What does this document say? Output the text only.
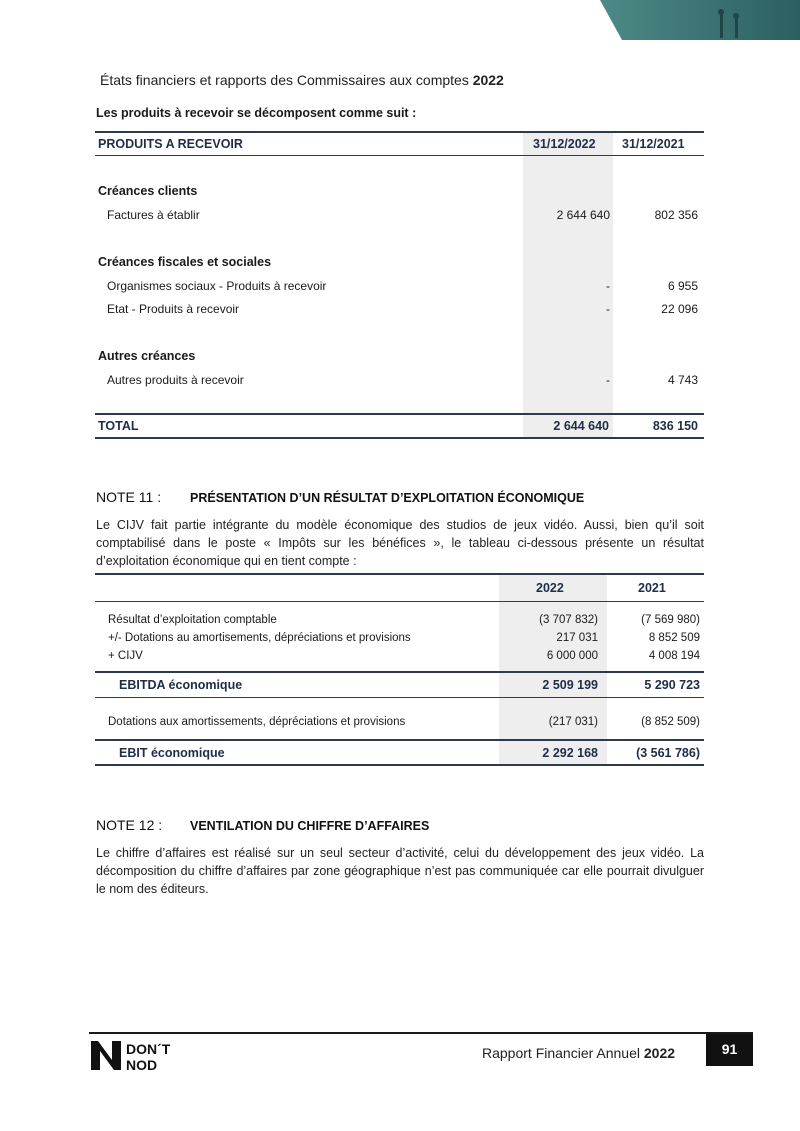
États financiers et rapports des Commissaires aux comptes 2022
Les produits à recevoir se décomposent comme suit :
PRODUITS A RECEVOIR	31/12/2022 31/12/2021
Créances clients
Factures à établir	2 644 640	802 356
Créances fiscales et sociales
Organismes sociaux - Produits à recevoir	-	6 955
Etat - Produits à recevoir	-	22 096
Autres créances
Autres produits à recevoir	-	4 743
TOTAL	2 644 640	836 150
NOTE 11 : PRÉSENTATION D’UN RÉSULTAT D’EXPLOITATION ÉCONOMIQUE
Le CIJV fait partie intégrante du modèle économique des studios de jeux vidéo. Aussi, bien qu’il soit comptabilisé dans le poste « Impôts sur les bénéfices », le tableau ci-dessous présente un résultat d’exploitation économique qui en tient compte :
2022	2021
Résultat d’exploitation comptable	(3 707 832)	(7 569 980)
+/- Dotations au amortisements, dépréciations et provisions	217 031	8 852 509
+ CIJV	6 000 000	4 008 194
EBITDA économique	2 509 199	5 290 723
Dotations aux amortissements, dépréciations et provisions	(217 031)	(8 852 509)
EBIT économique	2 292 168	(3 561 786)
NOTE 12 : VENTILATION DU CHIFFRE D’AFFAIRES
Le chiffre d’affaires est réalisé sur un seul secteur d’activité, celui du développement des jeux vidéo. La décomposition du chiffre d’affaires par zone géographique n’est pas communiquée car elle pourrait divulguer le nom des éditeurs.
DON´T
NOD
Rapport Financier Annuel 2022	91
